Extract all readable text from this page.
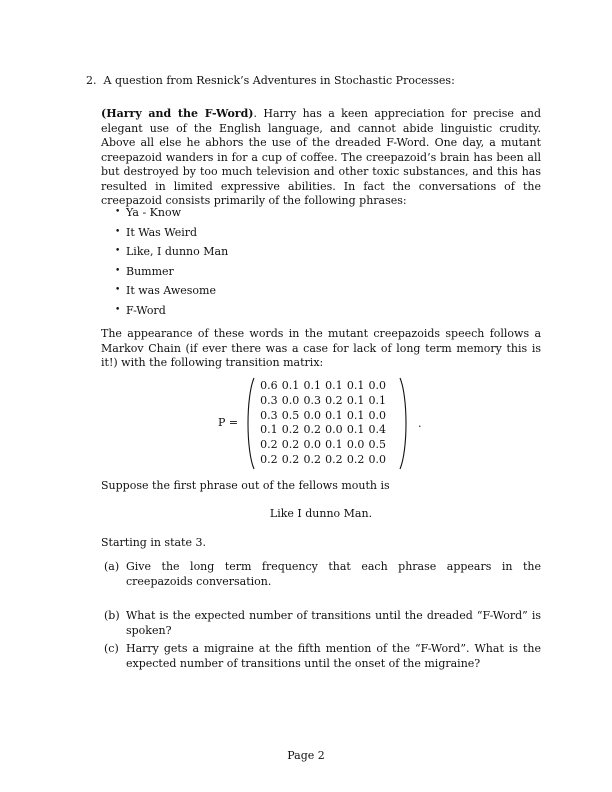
2. A question from Resnick’s Adventures in Stochastic Processes:
(Harry and the F-Word). Harry has a keen appreciation for precise and elegant use of the English language, and cannot abide linguistic crudity. Above all else he abhors the use of the dreaded F-Word. One day, a mutant creepazoid wanders in for a cup of coffee. The creepazoid’s brain has been all but destroyed by too much television and other toxic substances, and this has resulted in limited expressive abilities. In fact the conversations of the creepazoid consists primarily of the following phrases:
• Ya - Know
• It Was Weird
• Like, I dunno Man
• Bummer
• It was Awesome
• F-Word
The appearance of these words in the mutant creepazoids speech follows a Markov Chain (if ever there was a case for lack of long term memory this is it!) with the following transition matrix:
P =
0.6	0.1	0.1	0.1	0.1	0.0
0.3	0.0	0.3	0.2	0.1	0.1
0.3	0.5	0.0	0.1	0.1	0.0
0.1	0.2	0.2	0.0	0.1	0.4
0.2	0.2	0.0	0.1	0.0	0.5
0.2	0.2	0.2	0.2	0.2	0.0
.
Suppose the first phrase out of the fellows mouth is
Like I dunno Man.
Starting in state 3.
(a) Give the long term frequency that each phrase appears in the creepazoids conversation.
(b) What is the expected number of transitions until the dreaded “F-Word” is spoken?
(c) Harry gets a migraine at the fifth mention of the “F-Word”. What is the expected number of transitions until the onset of the migraine?
Page 2
